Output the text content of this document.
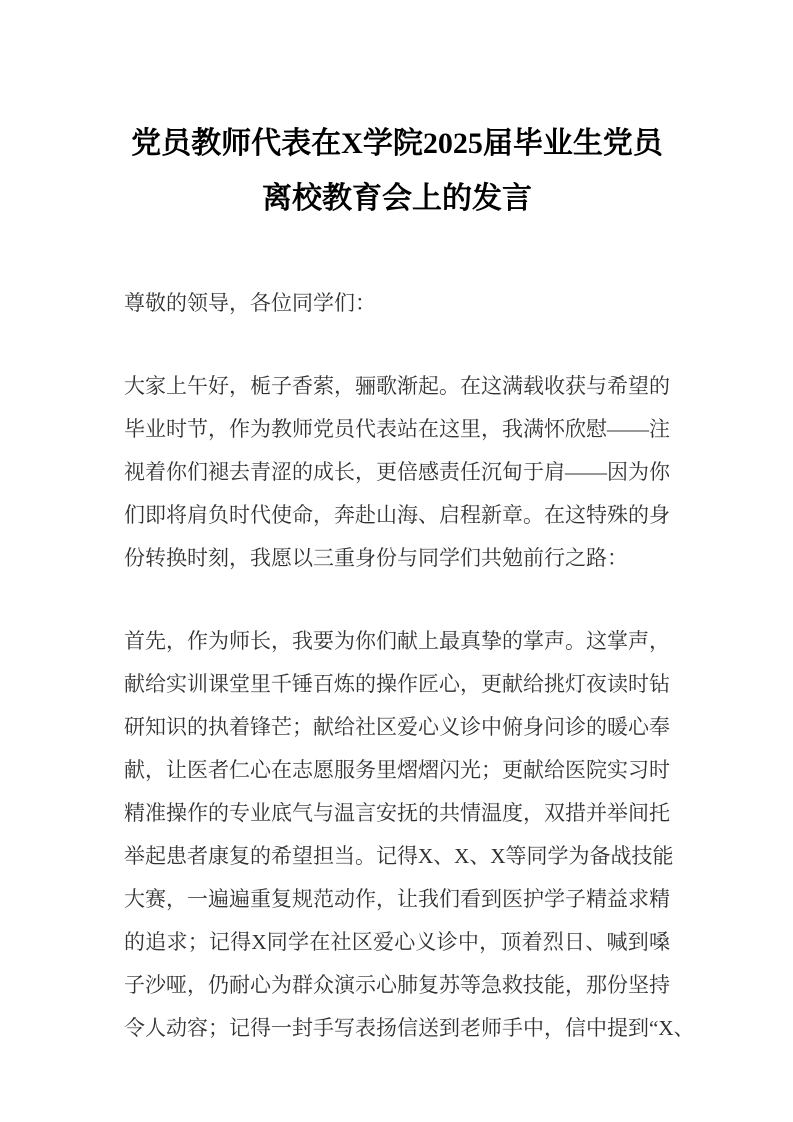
党员教师代表在X学院2025届毕业生党员
离校教育会上的发言
尊敬的领导，各位同学们：
大家上午好，栀子香萦，骊歌渐起。在这满载收获与希望的
毕业时节，作为教师党员代表站在这里，我满怀欣慰——注
视着你们褪去青涩的成长，更倍感责任沉甸于肩——因为你
们即将肩负时代使命，奔赴山海、启程新章。在这特殊的身
份转换时刻，我愿以三重身份与同学们共勉前行之路：
首先，作为师长，我要为你们献上最真挚的掌声。这掌声，
献给实训课堂里千锤百炼的操作匠心，更献给挑灯夜读时钻
研知识的执着锋芒；献给社区爱心义诊中俯身问诊的暖心奉
献，让医者仁心在志愿服务里熠熠闪光；更献给医院实习时
精准操作的专业底气与温言安抚的共情温度，双措并举间托
举起患者康复的希望担当。记得X、X、X等同学为备战技能
大赛，一遍遍重复规范动作，让我们看到医护学子精益求精
的追求；记得X同学在社区爱心义诊中，顶着烈日、喊到嗓
子沙哑，仍耐心为群众演示心肺复苏等急救技能，那份坚持
令人动容；记得一封手写表扬信送到老师手中，信中提到“X、
